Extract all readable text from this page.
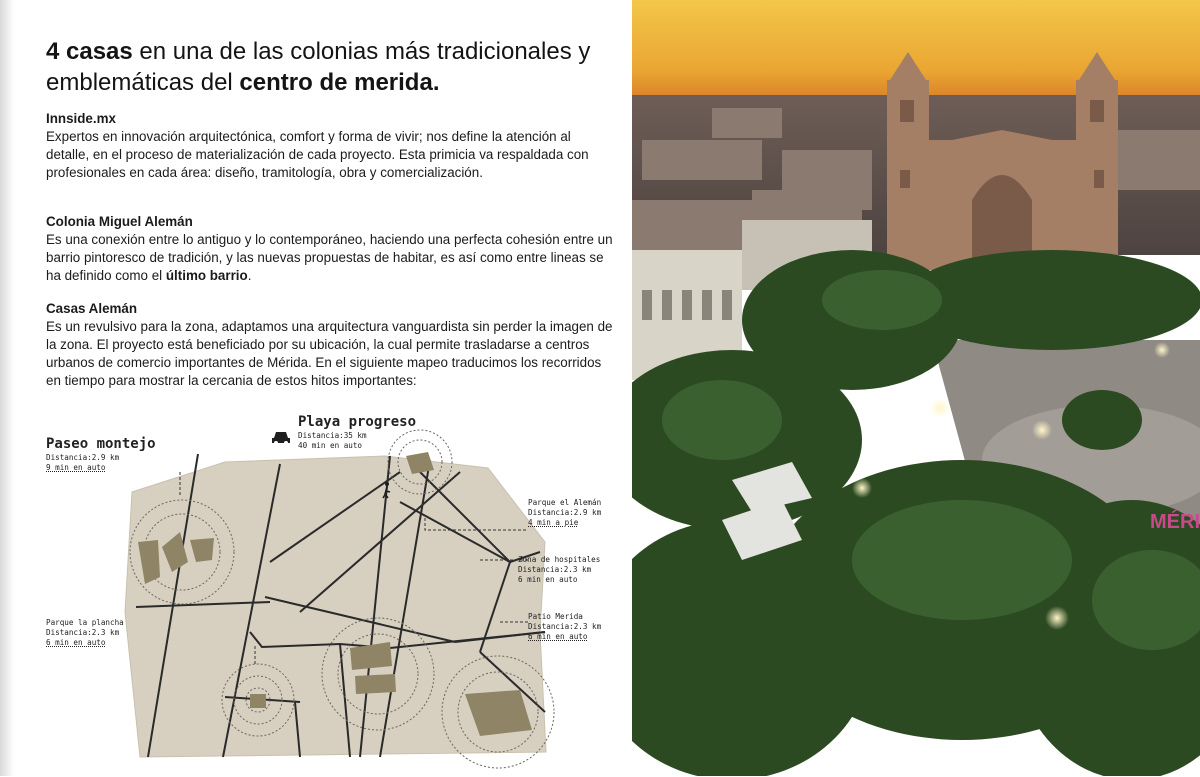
4 casas en una de las colonias más tradicionales y emblemáticas del centro de merida.
Innside.mx

Expertos en innovación arquitectónica, comfort y forma de vivir; nos define la atención al detalle, en el proceso de materialización de cada proyecto. Esta primicia va respaldada con profesionales en cada área: diseño, tramitología, obra y comercialización.

Colonia Miguel Alemán

Es una conexión entre lo antiguo y lo contemporáneo, haciendo una perfecta cohesión entre un barrio pintoresco de tradición, y las nuevas propuestas de habitar, es así como entre lineas se ha definido como el último barrio.

Casas Alemán

Es un revulsivo para la zona, adaptamos una arquitectura vanguardista sin perder la imagen de la zona. El proyecto está beneficiado por su ubicación, la cual permite trasladarse a centros urbanos de comercio importantes de Mérida. En el siguiente mapeo traducimos los recorridos en tiempo para mostrar la cercania de estos hitos importantes:

Playa progreso
Distancia:35 km
40 min en auto
Paseo montejo
Distancia:2.9 km
9 min en auto
Parque el Alemán
Distancia:2.9 km
4 min a pie
Zona de hospitales
Distancia:2.3 km
6 min en auto
Patio Merida
Distancia:2.3 km
6 min en auto
Parque la plancha
Distancia:2.3 km
6 min en auto
MÉRI
